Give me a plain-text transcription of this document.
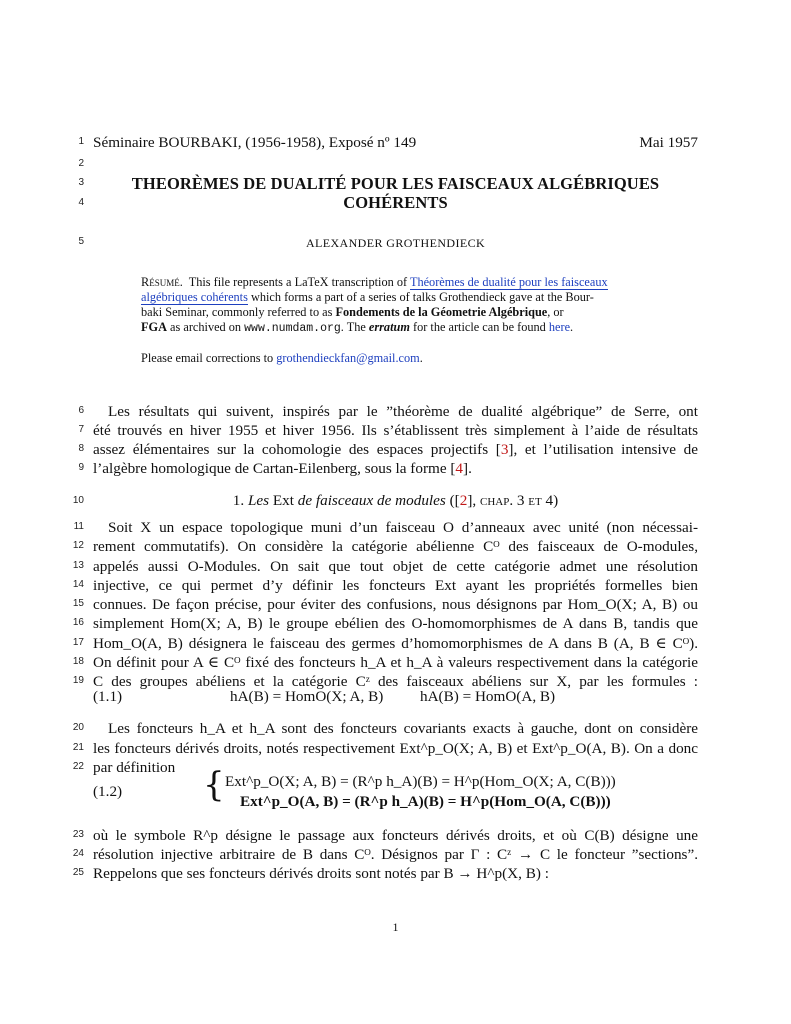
1
2
3
4
5
6
7
8
9
10
11
12
13
14
15
16
17
18
19
20
21
22
23
24
25
Séminaire BOURBAKI, (1956-1958), Exposé nº 149	Mai 1957
THEORÈMES DE DUALITÉ POUR LES FAISCEAUX ALGÉBRIQUES
COHÉRENTS
ALEXANDER GROTHENDIECK
Résumé. This file represents a LaTeX transcription of Théorèmes de dualité pour les faisceaux
algébriques cohérents which forms a part of a series of talks Grothendieck gave at the Bour-
baki Seminar, commonly referred to as Fondements de la Géometrie Algébrique, or
FGA as archived on www.numdam.org. The erratum for the article can be found here.
Please email corrections to grothendieckfan@gmail.com.
Les résultats qui suivent, inspirés par le ”théorème de dualité algébrique” de Serre, ont
été trouvés en hiver 1955 et hiver 1956. Ils s’établissent très simplement à l’aide de résultats
assez élémentaires sur la cohomologie des espaces projectifs [3], et l’utilisation intensive de
l’algèbre homologique de Cartan-Eilenberg, sous la forme [4].
1. Les Ext de faisceaux de modules ([2], chap. 3 et 4)
Soit X un espace topologique muni d’un faisceau O d’anneaux avec unité (non nécessai-
rement commutatifs). On considère la catégorie abélienne Cᴼ des faisceaux de O-modules,
appelés aussi O-Modules. On sait que tout objet de cette catégorie admet une résolution
injective, ce qui permet d’y définir les foncteurs Ext ayant les propriétés formelles bien
connues. De façon précise, pour éviter des confusions, nous désignons par Hom_O(X; A, B) ou
simplement Hom(X; A, B) le groupe ebélien des O-homomorphismes de A dans B, tandis que
Hom_O(A, B) désignera le faisceau des germes d’homomorphismes de A dans B (A, B ∈ Cᴼ).
On définit pour A ∈ Cᴼ fixé des foncteurs h_A et h_A à valeurs respectivement dans la catégorie
C des groupes abéliens et la catégorie Cᶻ des faisceaux abéliens sur X, par les formules :
(1.1)	hA(B) = HomO(X; A, B) hA(B) = HomO(A, B)
Les foncteurs h_A et h_A sont des foncteurs covariants exacts à gauche, dont on considère
les foncteurs dérivés droits, notés respectivement Ext^p_O(X; A, B) et Ext^p_O(A, B). On a donc
par définition
(1.2) { Ext^p_O(X; A, B) = (R^p h_A)(B) = H^p(Hom_O(X; A, C(B)))
Ext^p_O(A, B) = (R^p h_A)(B) = H^p(Hom_O(A, C(B)))
où le symbole R^p désigne le passage aux foncteurs dérivés droits, et où C(B) désigne une
résolution injective arbitraire de B dans Cᴼ. Désignos par Γ : Cᶻ → C le foncteur ”sections”.
Reppelons que ses foncteurs dérivés droits sont notés par B → H^p(X, B) :
1
